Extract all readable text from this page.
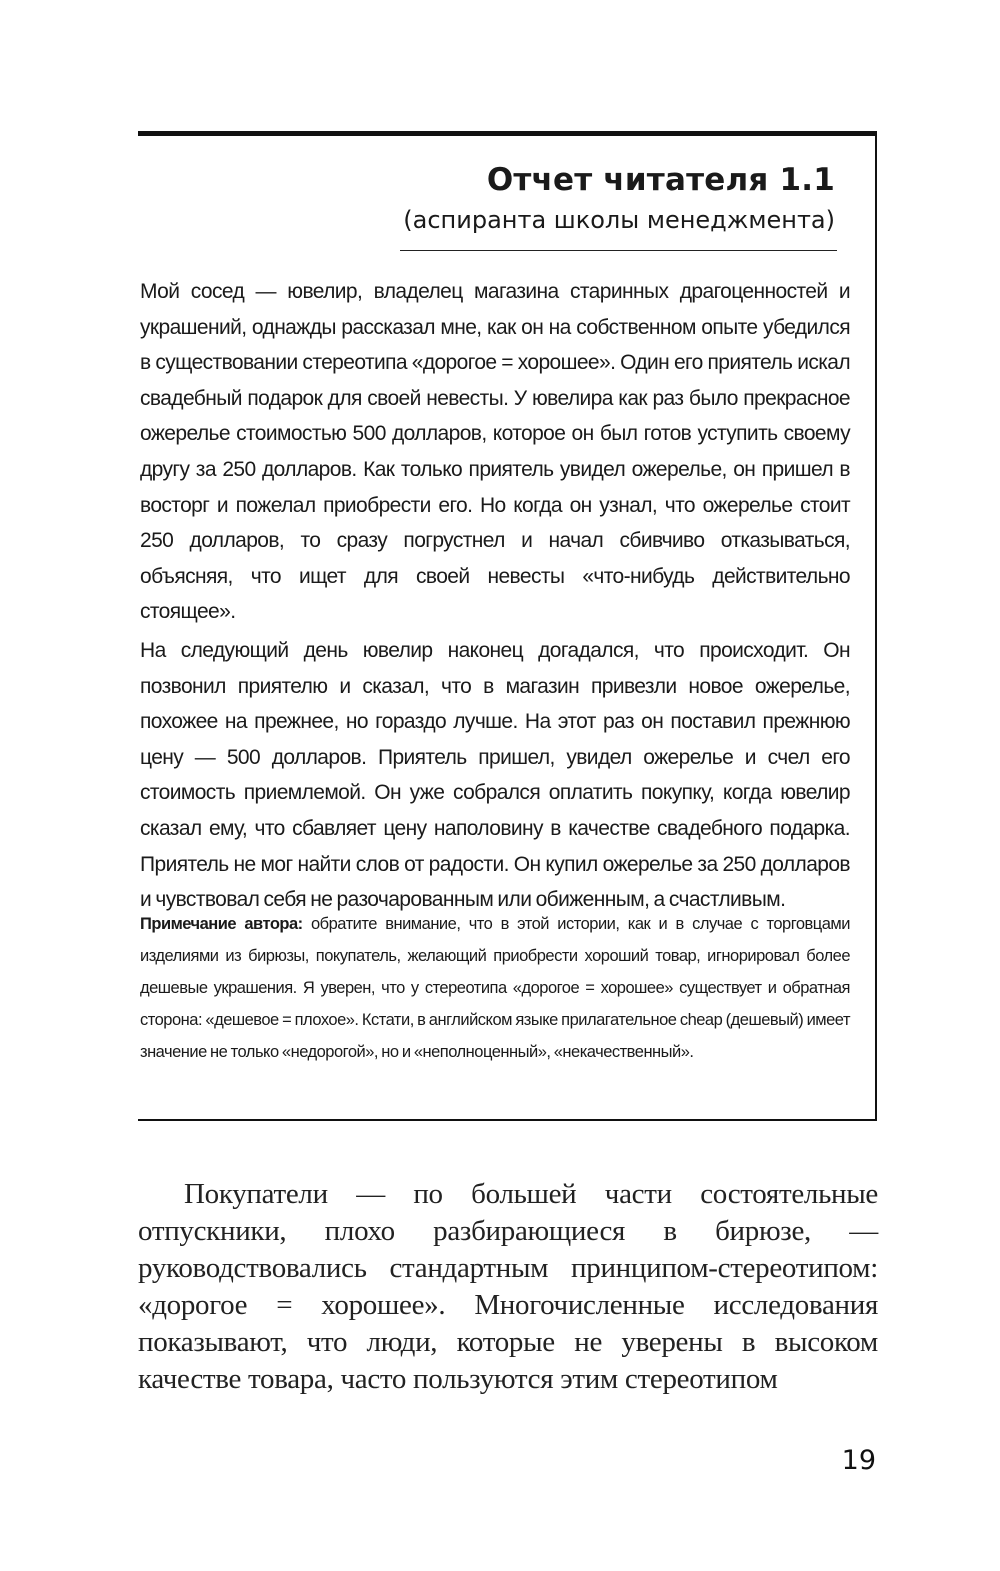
Отчет читателя 1.1
(аспиранта школы менеджмента)

Мой сосед — ювелир, владелец магазина старинных драгоценностей и украшений, однажды рассказал мне, как он на собственном опыте убедился в существовании стереотипа «дорогое = хорошее». Один его приятель искал свадебный подарок для своей невесты. У ювелира как раз было прекрасное ожерелье стоимостью 500 долларов, которое он был готов уступить своему другу за 250 долларов. Как только приятель увидел ожерелье, он пришел в восторг и пожелал приобрести его. Но когда он узнал, что ожерелье стоит 250 долларов, то сразу погрустнел и начал сбивчиво отказываться, объясняя, что ищет для своей невесты «что-нибудь действительно стоящее».

На следующий день ювелир наконец догадался, что происходит. Он позвонил приятелю и сказал, что в магазин привезли новое ожерелье, похожее на прежнее, но гораздо лучше. На этот раз он поставил прежнюю цену — 500 долларов. Приятель пришел, увидел ожерелье и счел его стоимость приемлемой. Он уже собрался оплатить покупку, когда ювелир сказал ему, что сбавляет цену наполовину в качестве свадебного подарка. Приятель не мог найти слов от радости. Он купил ожерелье за 250 долларов и чувствовал себя не разочарованным или обиженным, а счастливым.

Примечание автора: обратите внимание, что в этой истории, как и в случае с торговцами изделиями из бирюзы, покупатель, желающий приобрести хороший товар, игнорировал более дешевые украшения. Я уверен, что у стереотипа «дорогое = хорошее» существует и обратная сторона: «дешевое = плохое». Кстати, в английском языке прилагательное cheap (дешевый) имеет значение не только «недорогой», но и «неполноценный», «некачественный».

Покупатели — по большей части состоятельные отпускники, плохо разбирающиеся в бирюзе, — руководствовались стандартным принципом-стереотипом: «дорогое = хорошее». Многочисленные исследования показывают, что люди, которые не уверены в высоком качестве товара, часто пользуются этим стереотипом

19
